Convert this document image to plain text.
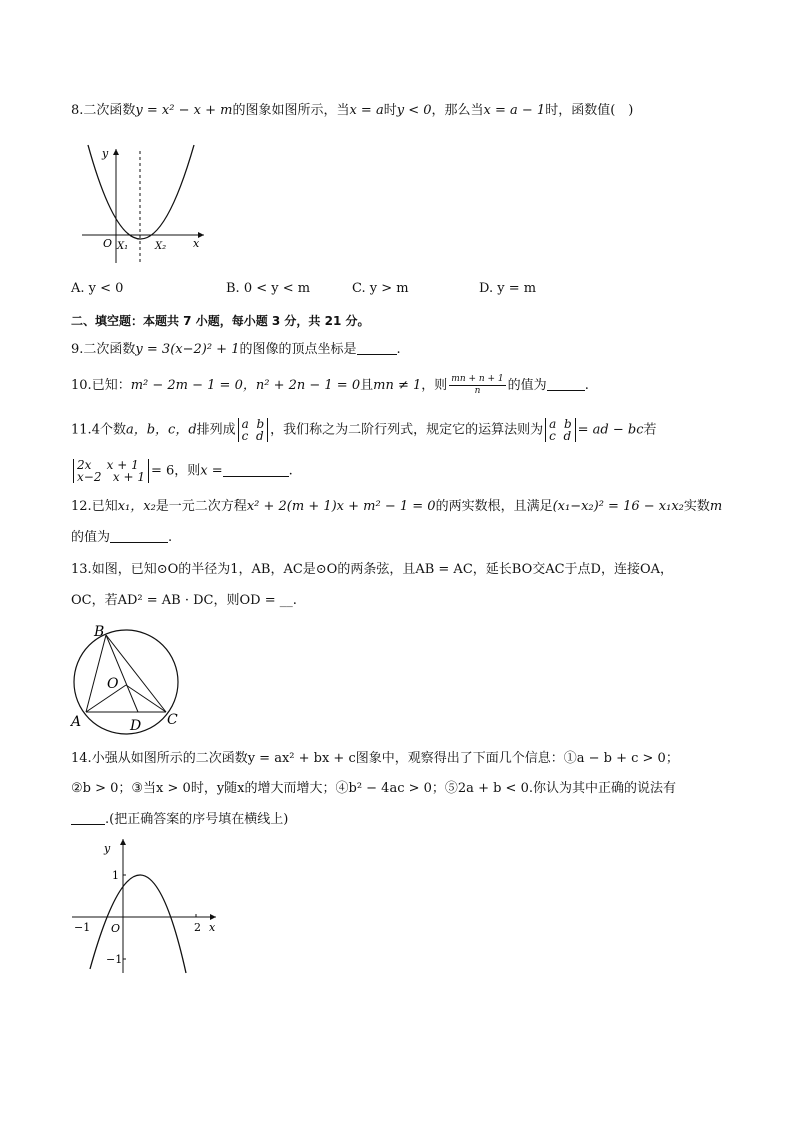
8.二次函数y = x² − x + m的图象如图所示，当x = a时y < 0，那么当x = a − 1时，函数值(　)
y
x
O X₁	X₂
A. y < 0	B. 0 < y < m	C. y > m	D. y = m
二、填空题：本题共 7 小题，每小题 3 分，共 21 分。
9.二次函数y = 3(x−2)² + 1的图像的顶点坐标是	.
10.已知：m² − 2m − 1 = 0，n² + 2n − 1 = 0且mn ≠ 1，则 $\frac{mn + n + 1}{n}$ 的值为	.
11.4个数a，b，c，d排列成 a  b
c  d ，我们称之为二阶行列式，规定它的运算法则为 a  b
c  d = ad − bc若
2x    x + 1
x−2   x + 1 = 6，则x =	.
12.已知x₁，x₂是一元二次方程x² + 2(m + 1)x + m² − 1 = 0的两实数根，且满足(x₁−x₂)² = 16 − x₁x₂实数m
的值为	.
13.如图，已知⊙O的半径为1，AB，AC是⊙O的两条弦，且AB = AC，延长BO交AC于点D，连接OA，
OC，若AD² = AB · DC，则OD = __.
B
O
A	D C
14.小强从如图所示的二次函数y = ax² + bx + c图象中，观察得出了下面几个信息：①a − b + c > 0；
②b > 0；③当x > 0时，y随x的增大而增大；④b² − 4ac > 0；⑤2a + b < 0.你认为其中正确的说法有
.(把正确答案的序号填在横线上)
y
x
O
1
−1	2
−1
